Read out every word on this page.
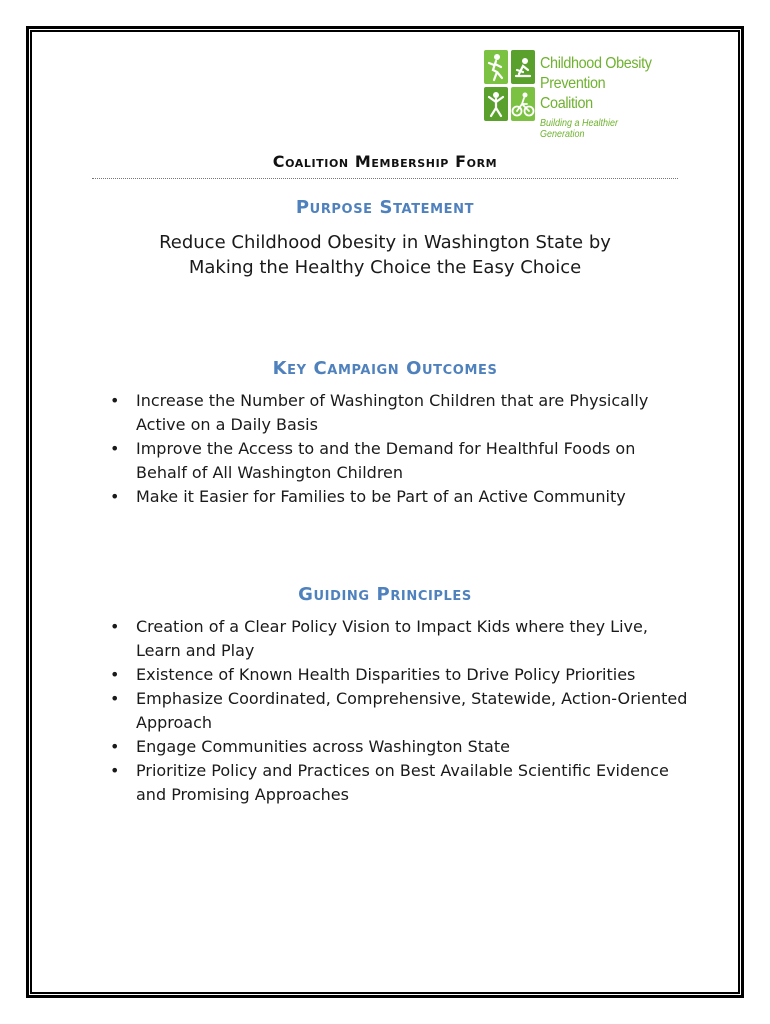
Childhood Obesity
Prevention Coalition
Building a Healthier Generation
Coalition Membership Form
Purpose Statement
Reduce Childhood Obesity in Washington State by
Making the Healthy Choice the Easy Choice
Key Campaign Outcomes
• Increase the Number of Washington Children that are Physically Active on a Daily Basis
• Improve the Access to and the Demand for Healthful Foods on Behalf of All Washington Children
• Make it Easier for Families to be Part of an Active Community
Guiding Principles
• Creation of a Clear Policy Vision to Impact Kids where they Live, Learn and Play
• Existence of Known Health Disparities to Drive Policy Priorities
• Emphasize Coordinated, Comprehensive, Statewide, Action-Oriented Approach
• Engage Communities across Washington State
• Prioritize Policy and Practices on Best Available Scientific Evidence and Promising Approaches
